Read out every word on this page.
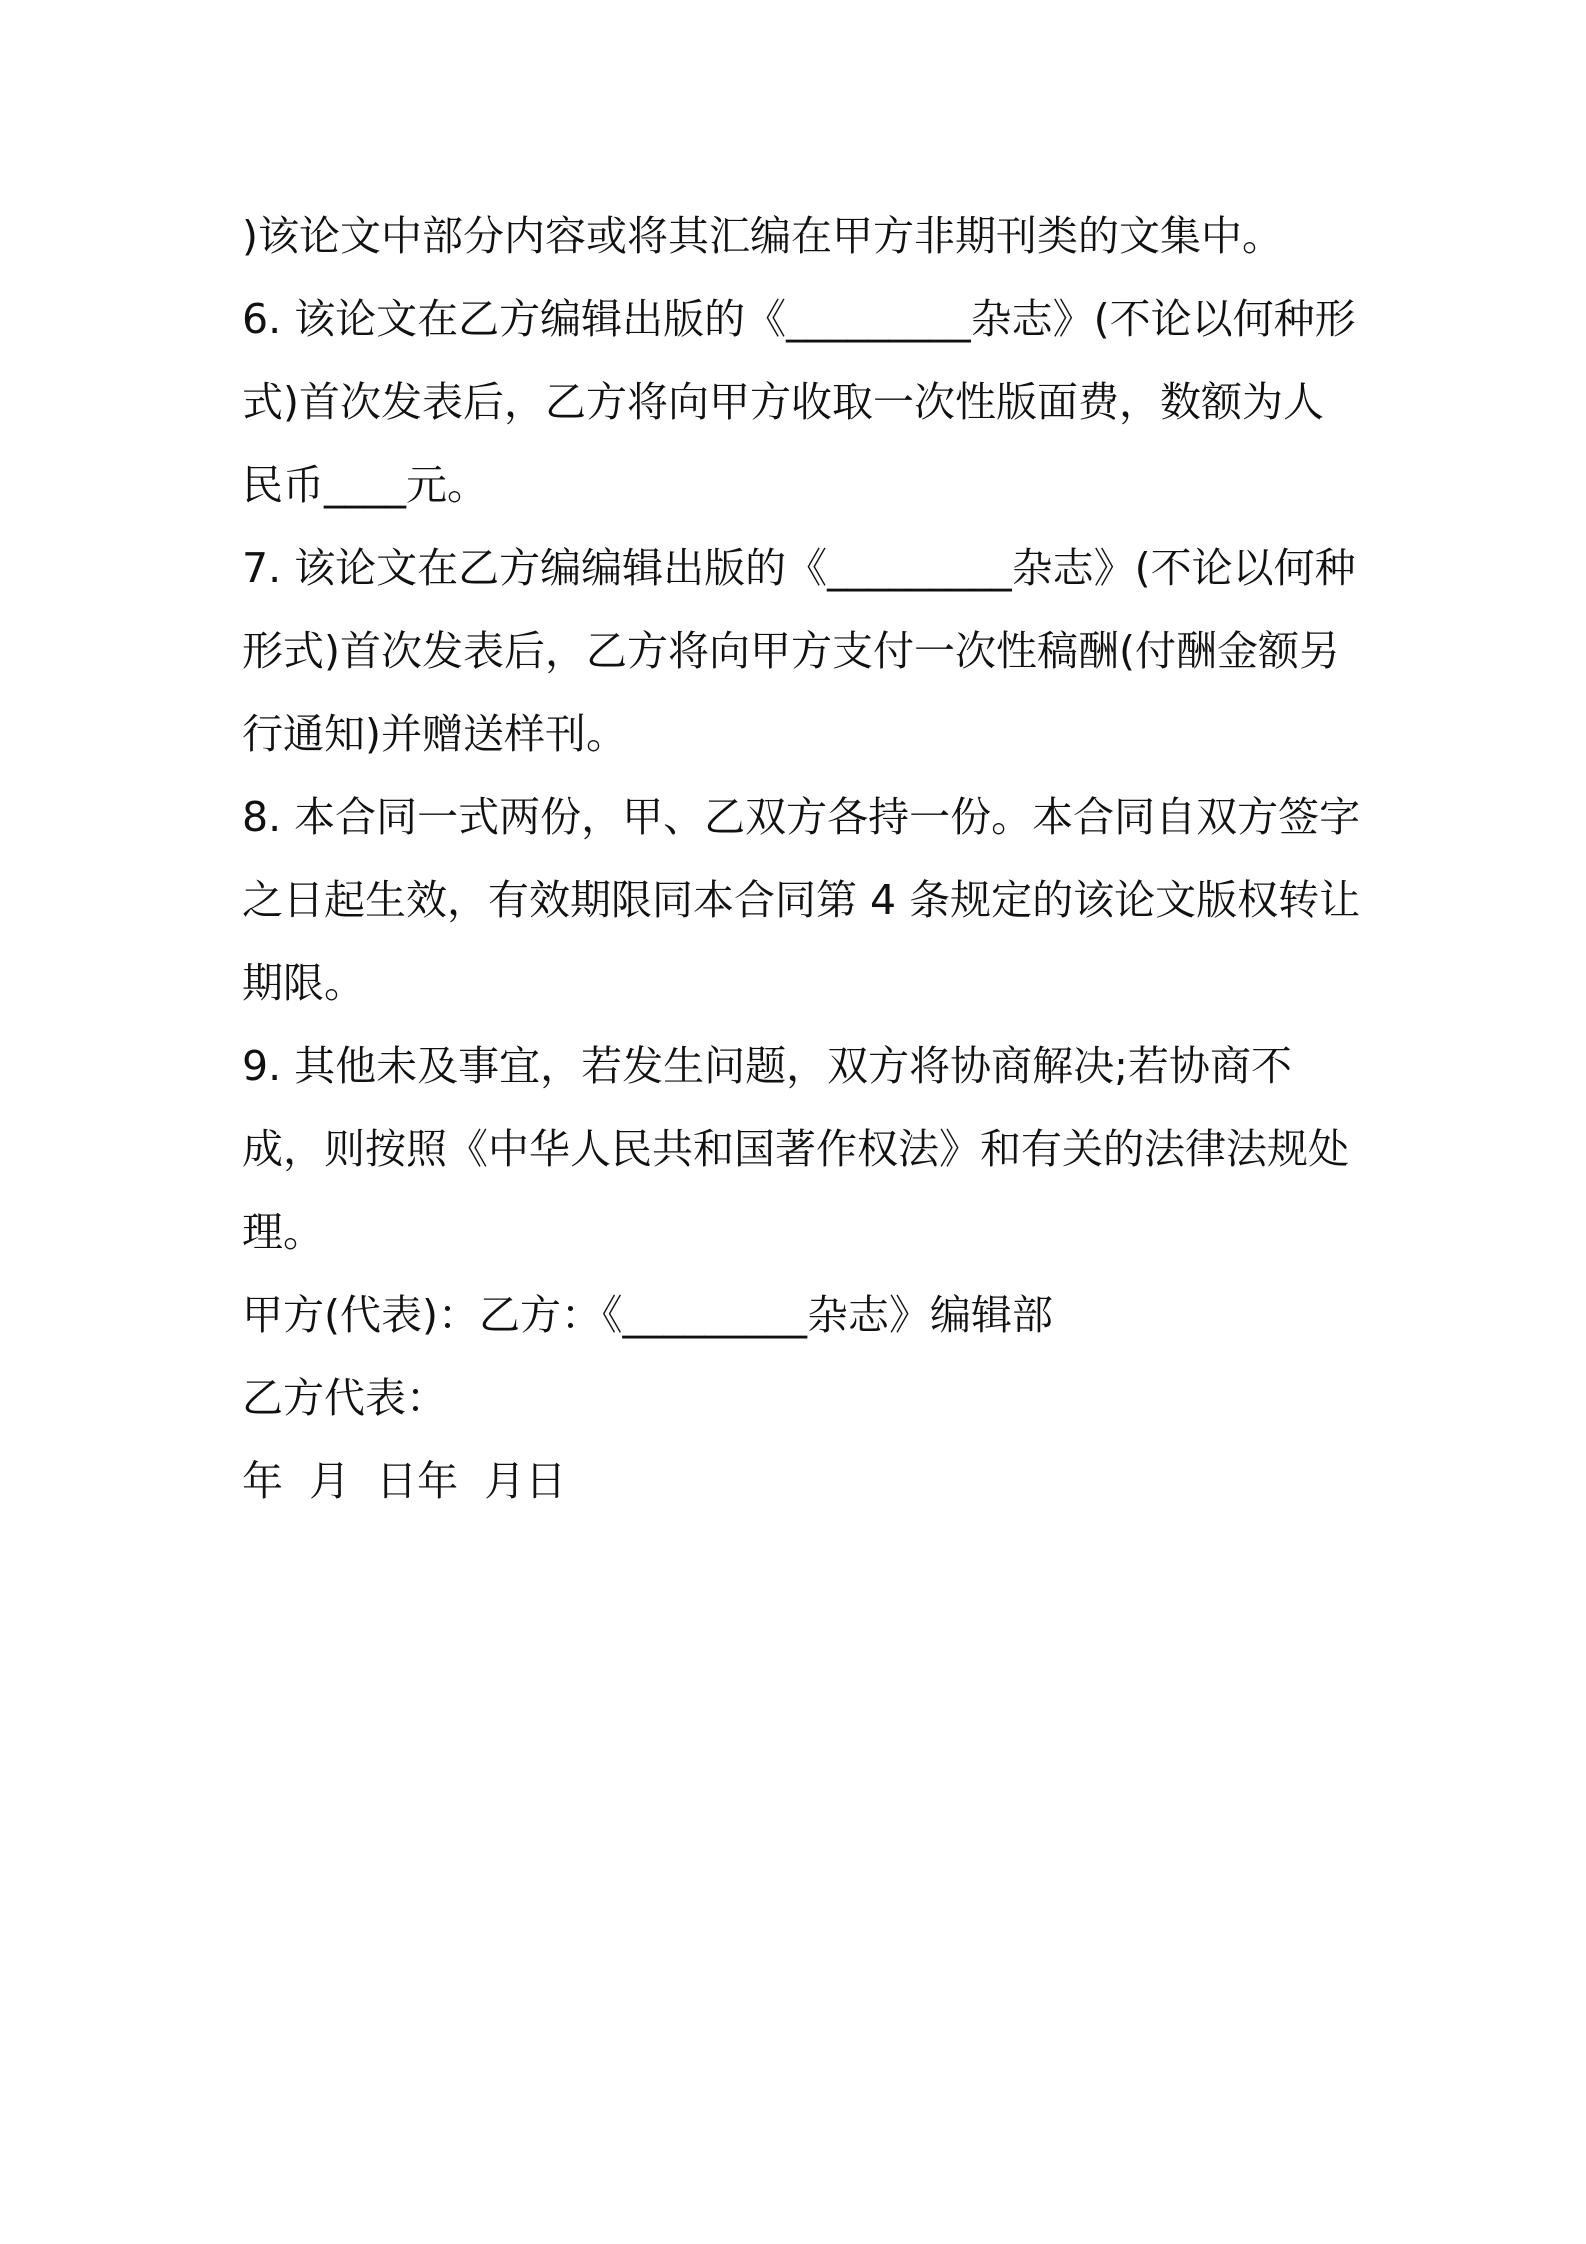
)该论文中部分内容或将其汇编在甲方非期刊类的文集中。

6. 该论文在乙方编辑出版的《_________杂志》(不论以何种形式)首次发表后，乙方将向甲方收取一次性版面费，数额为人民币____元。

7. 该论文在乙方编编辑出版的《_________杂志》(不论以何种形式)首次发表后，乙方将向甲方支付一次性稿酬(付酬金额另行通知)并赠送样刊。

8. 本合同一式两份，甲、乙双方各持一份。本合同自双方签字之日起生效，有效期限同本合同第 4 条规定的该论文版权转让期限。

9. 其他未及事宜，若发生问题，双方将协商解决;若协商不成，则按照《中华人民共和国著作权法》和有关的法律法规处理。

甲方(代表)：乙方：《_________杂志》编辑部

乙方代表：

年  月  日年  月日
